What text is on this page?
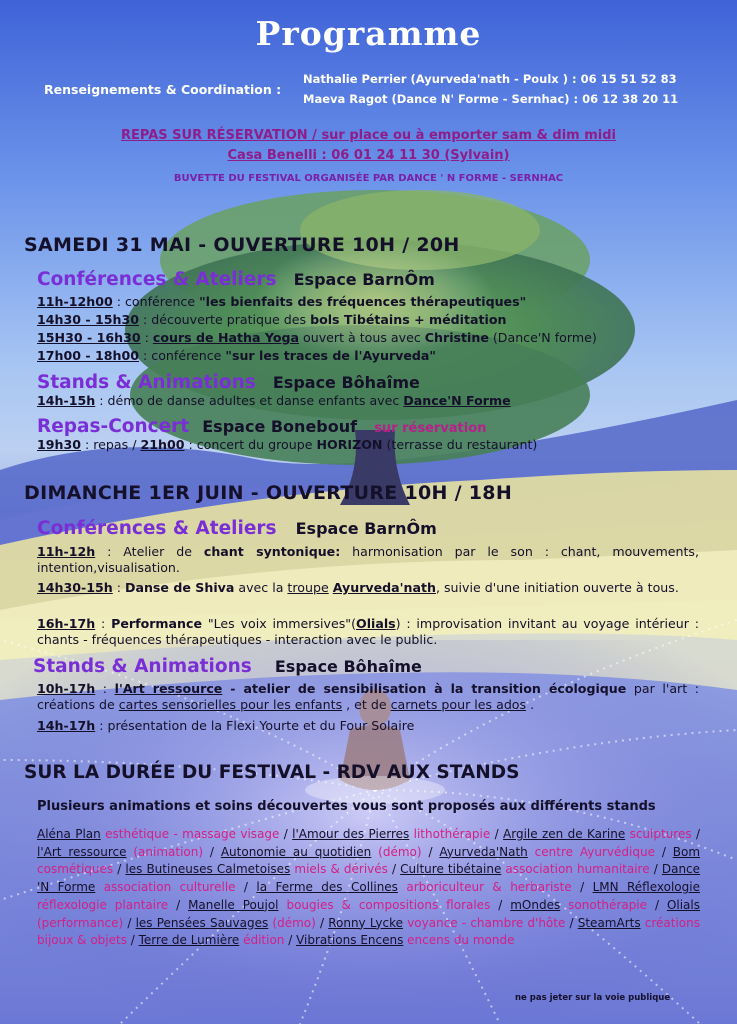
Programme
Renseignements & Coordination :
Nathalie Perrier (Ayurveda'nath - Poulx ) : 06 15 51 52 83
Maeva Ragot (Dance N' Forme - Sernhac) : 06 12 38 20 11
REPAS SUR RÉSERVATION / sur place ou à emporter sam & dim midi
Casa Benelli : 06 01 24 11 30 (Sylvain)
BUVETTE DU FESTIVAL ORGANISÉE PAR DANCE ' N FORME - SERNHAC
SAMEDI 31 MAI - OUVERTURE 10H / 20H
Conférences & Ateliers Espace BarnÔm
11h-12h00 : conférence "les bienfaits des fréquences thérapeutiques"
14h30 - 15h30 : découverte pratique des bols Tibétains + méditation
15H30 - 16h30 : cours de Hatha Yoga ouvert à tous avec Christine (Dance'N forme)
17h00 - 18h00 : conférence "sur les traces de l'Ayurveda"
Stands & Animations Espace Bôhaîme
14h-15h : démo de danse adultes et danse enfants avec Dance'N Forme
Repas-Concert Espace Bonebouf sur réservation
19h30 : repas / 21h00 : concert du groupe HORIZON (terrasse du restaurant)
DIMANCHE 1ER JUIN - OUVERTURE 10H / 18H
Conférences & Ateliers Espace BarnÔm
11h-12h : Atelier de chant syntonique: harmonisation par le son : chant, mouvements, intention,visualisation.
14h30-15h : Danse de Shiva avec la troupe Ayurveda'nath, suivie d'une initiation ouverte à tous.
16h-17h : Performance "Les voix immersives"(Olials) : improvisation invitant au voyage intérieur : chants - fréquences thérapeutiques - interaction avec le public.
Stands & Animations Espace Bôhaîme
10h-17h : l'Art ressource - atelier de sensibilisation à la transition écologique par l'art : créations de cartes sensorielles pour les enfants , et de carnets pour les ados .
14h-17h : présentation de la Flexi Yourte et du Four Solaire
SUR LA DURÉE DU FESTIVAL - RDV AUX STANDS
Plusieurs animations et soins découvertes vous sont proposés aux différents stands
Aléna Plan esthétique - massage visage / l'Amour des Pierres lithothérapie / Argile zen de Karine sculptures / l'Art ressource (animation) / Autonomie au quotidien (démo) / Ayurveda'Nath centre Ayurvédique / Bom cosmétiques / les Butineuses Calmetoises miels & dérivés / Culture tibétaine association humanitaire / Dance 'N Forme association culturelle / la Ferme des Collines arboriculteur & herbariste / LMN Réflexologie réflexologie plantaire / Manelle Poujol bougies & compositions florales / mOndes sonothérapie / Olials (performance) / les Pensées Sauvages (démo) / Ronny Lycke voyance - chambre d'hôte / SteamArts créations bijoux & objets / Terre de Lumière édition / Vibrations Encens encens du monde
ne pas jeter sur la voie publique
